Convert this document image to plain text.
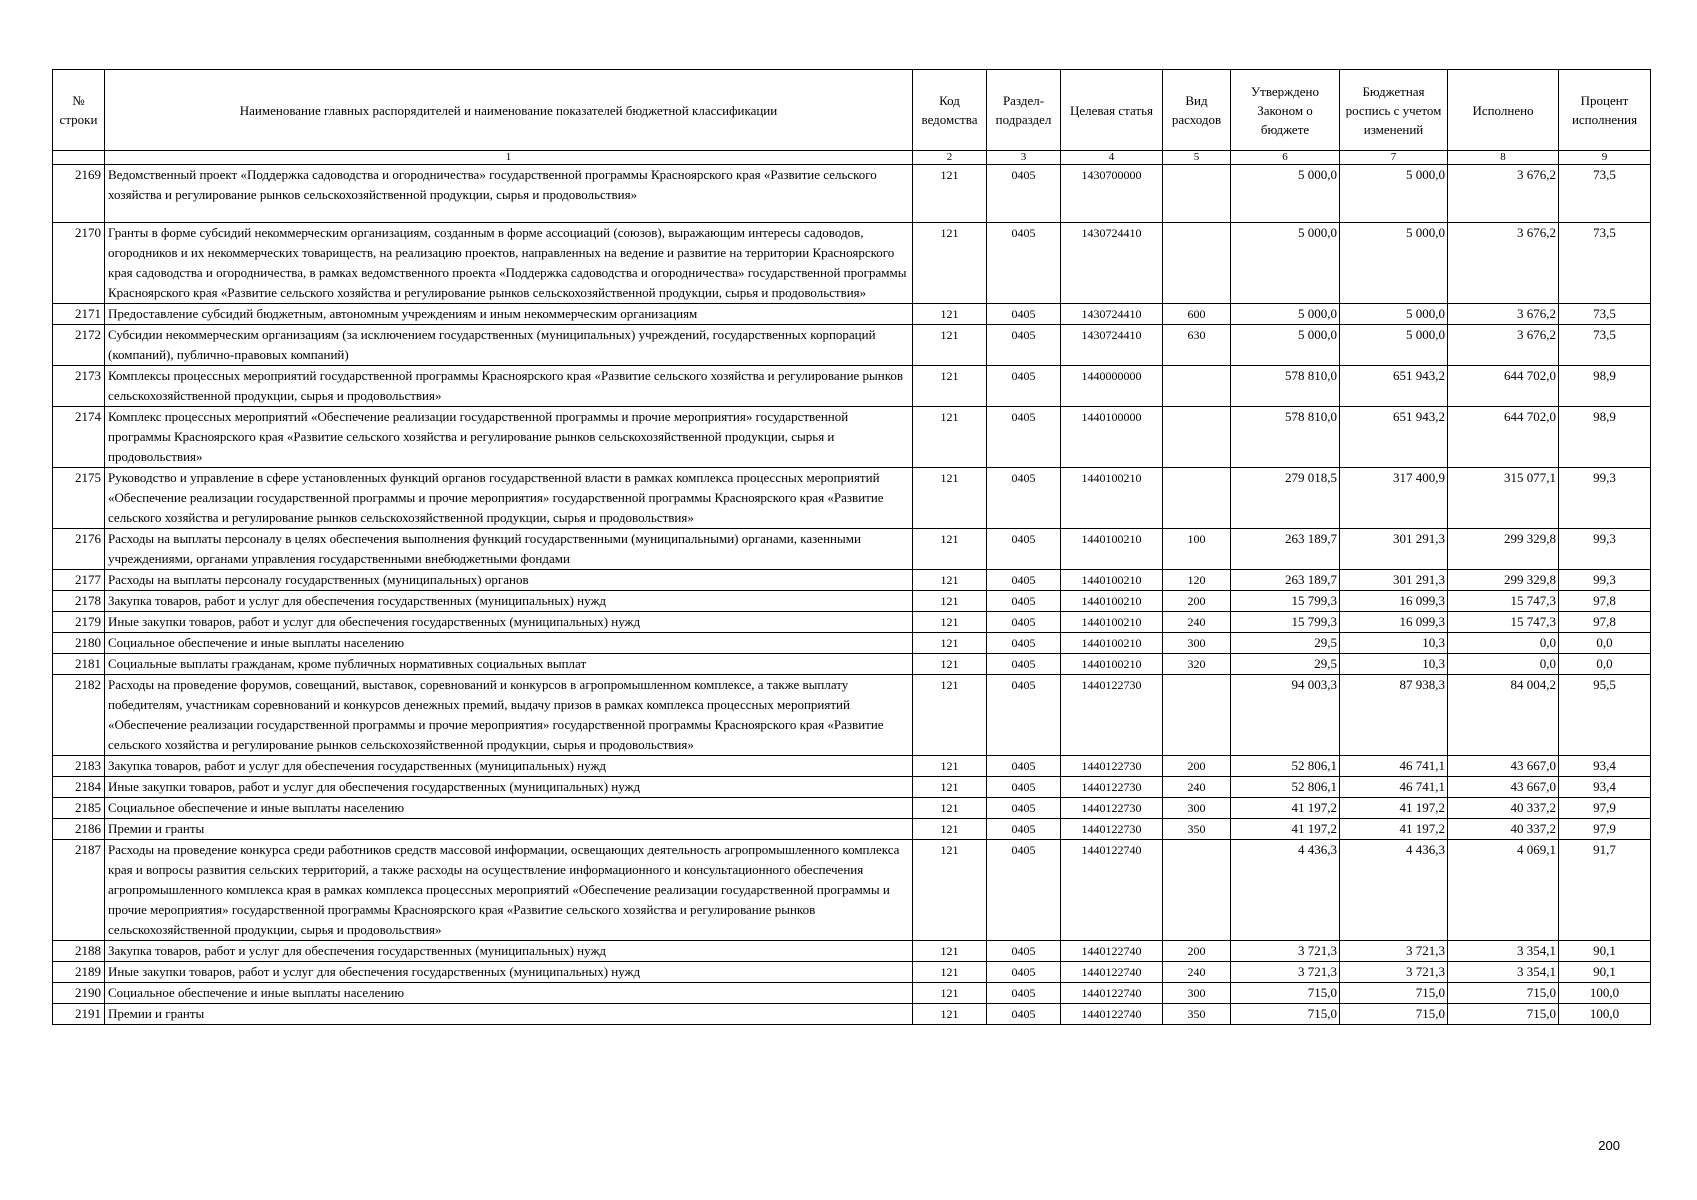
№ строки	Наименование главных распорядителей и наименование показателей бюджетной классификации	Код ведомства	Раздел-подраздел	Целевая статья	Вид расходов	Утверждено Законом о бюджете	Бюджетная роспись с учетом изменений	Исполнено	Процент исполнения
	1	2	3	4	5	6	7	8	9
2169	Ведомственный проект «Поддержка садоводства и огородничества» государственной программы Красноярского края «Развитие сельского хозяйства и регулирование рынков сельскохозяйственной продукции, сырья и продовольствия»	121	0405	1430700000		5 000,0	5 000,0	3 676,2	73,5
2170	Гранты в форме субсидий некоммерческим организациям, созданным в форме ассоциаций (союзов), выражающим интересы садоводов, огородников и их некоммерческих товариществ, на реализацию проектов, направленных на ведение и развитие на территории Красноярского края садоводства и огородничества, в рамках ведомственного проекта «Поддержка садоводства и огородничества» государственной программы Красноярского края «Развитие сельского хозяйства и регулирование рынков сельскохозяйственной продукции, сырья и продовольствия»	121	0405	1430724410		5 000,0	5 000,0	3 676,2	73,5
2171	Предоставление субсидий бюджетным, автономным учреждениям и иным некоммерческим организациям	121	0405	1430724410	600	5 000,0	5 000,0	3 676,2	73,5
2172	Субсидии некоммерческим организациям (за исключением государственных (муниципальных) учреждений, государственных корпораций (компаний), публично-правовых компаний)	121	0405	1430724410	630	5 000,0	5 000,0	3 676,2	73,5
2173	Комплексы процессных мероприятий государственной программы Красноярского края «Развитие сельского хозяйства и регулирование рынков сельскохозяйственной продукции, сырья и продовольствия»	121	0405	1440000000		578 810,0	651 943,2	644 702,0	98,9
2174	Комплекс процессных мероприятий «Обеспечение реализации государственной программы и прочие мероприятия» государственной программы Красноярского края «Развитие сельского хозяйства и регулирование рынков сельскохозяйственной продукции, сырья и продовольствия»	121	0405	1440100000		578 810,0	651 943,2	644 702,0	98,9
2175	Руководство и управление в сфере установленных функций органов государственной власти в рамках комплекса процессных мероприятий «Обеспечение реализации государственной программы и прочие мероприятия» государственной программы Красноярского края «Развитие сельского хозяйства и регулирование рынков сельскохозяйственной продукции, сырья и продовольствия»	121	0405	1440100210		279 018,5	317 400,9	315 077,1	99,3
2176	Расходы на выплаты персоналу в целях обеспечения выполнения функций государственными (муниципальными) органами, казенными учреждениями, органами управления государственными внебюджетными фондами	121	0405	1440100210	100	263 189,7	301 291,3	299 329,8	99,3
2177	Расходы на выплаты персоналу государственных (муниципальных) органов	121	0405	1440100210	120	263 189,7	301 291,3	299 329,8	99,3
2178	Закупка товаров, работ и услуг для обеспечения государственных (муниципальных) нужд	121	0405	1440100210	200	15 799,3	16 099,3	15 747,3	97,8
2179	Иные закупки товаров, работ и услуг для обеспечения государственных (муниципальных) нужд	121	0405	1440100210	240	15 799,3	16 099,3	15 747,3	97,8
2180	Социальное обеспечение и иные выплаты населению	121	0405	1440100210	300	29,5	10,3	0,0	0,0
2181	Социальные выплаты гражданам, кроме публичных нормативных социальных выплат	121	0405	1440100210	320	29,5	10,3	0,0	0,0
2182	Расходы на проведение форумов, совещаний, выставок, соревнований и конкурсов в агропромышленном комплексе, а также выплату победителям, участникам соревнований и конкурсов денежных премий, выдачу призов в рамках комплекса процессных мероприятий «Обеспечение реализации государственной программы и прочие мероприятия» государственной программы Красноярского края «Развитие сельского хозяйства и регулирование рынков сельскохозяйственной продукции, сырья и продовольствия»	121	0405	1440122730		94 003,3	87 938,3	84 004,2	95,5
2183	Закупка товаров, работ и услуг для обеспечения государственных (муниципальных) нужд	121	0405	1440122730	200	52 806,1	46 741,1	43 667,0	93,4
2184	Иные закупки товаров, работ и услуг для обеспечения государственных (муниципальных) нужд	121	0405	1440122730	240	52 806,1	46 741,1	43 667,0	93,4
2185	Социальное обеспечение и иные выплаты населению	121	0405	1440122730	300	41 197,2	41 197,2	40 337,2	97,9
2186	Премии и гранты	121	0405	1440122730	350	41 197,2	41 197,2	40 337,2	97,9
2187	Расходы на проведение конкурса среди работников средств массовой информации, освещающих деятельность агропромышленного комплекса края и вопросы развития сельских территорий, а также расходы на осуществление информационного и консультационного обеспечения агропромышленного комплекса края в рамках комплекса процессных мероприятий «Обеспечение реализации государственной программы и прочие мероприятия» государственной программы Красноярского края «Развитие сельского хозяйства и регулирование рынков сельскохозяйственной продукции, сырья и продовольствия»	121	0405	1440122740		4 436,3	4 436,3	4 069,1	91,7
2188	Закупка товаров, работ и услуг для обеспечения государственных (муниципальных) нужд	121	0405	1440122740	200	3 721,3	3 721,3	3 354,1	90,1
2189	Иные закупки товаров, работ и услуг для обеспечения государственных (муниципальных) нужд	121	0405	1440122740	240	3 721,3	3 721,3	3 354,1	90,1
2190	Социальное обеспечение и иные выплаты населению	121	0405	1440122740	300	715,0	715,0	715,0	100,0
2191	Премии и гранты	121	0405	1440122740	350	715,0	715,0	715,0	100,0
200
